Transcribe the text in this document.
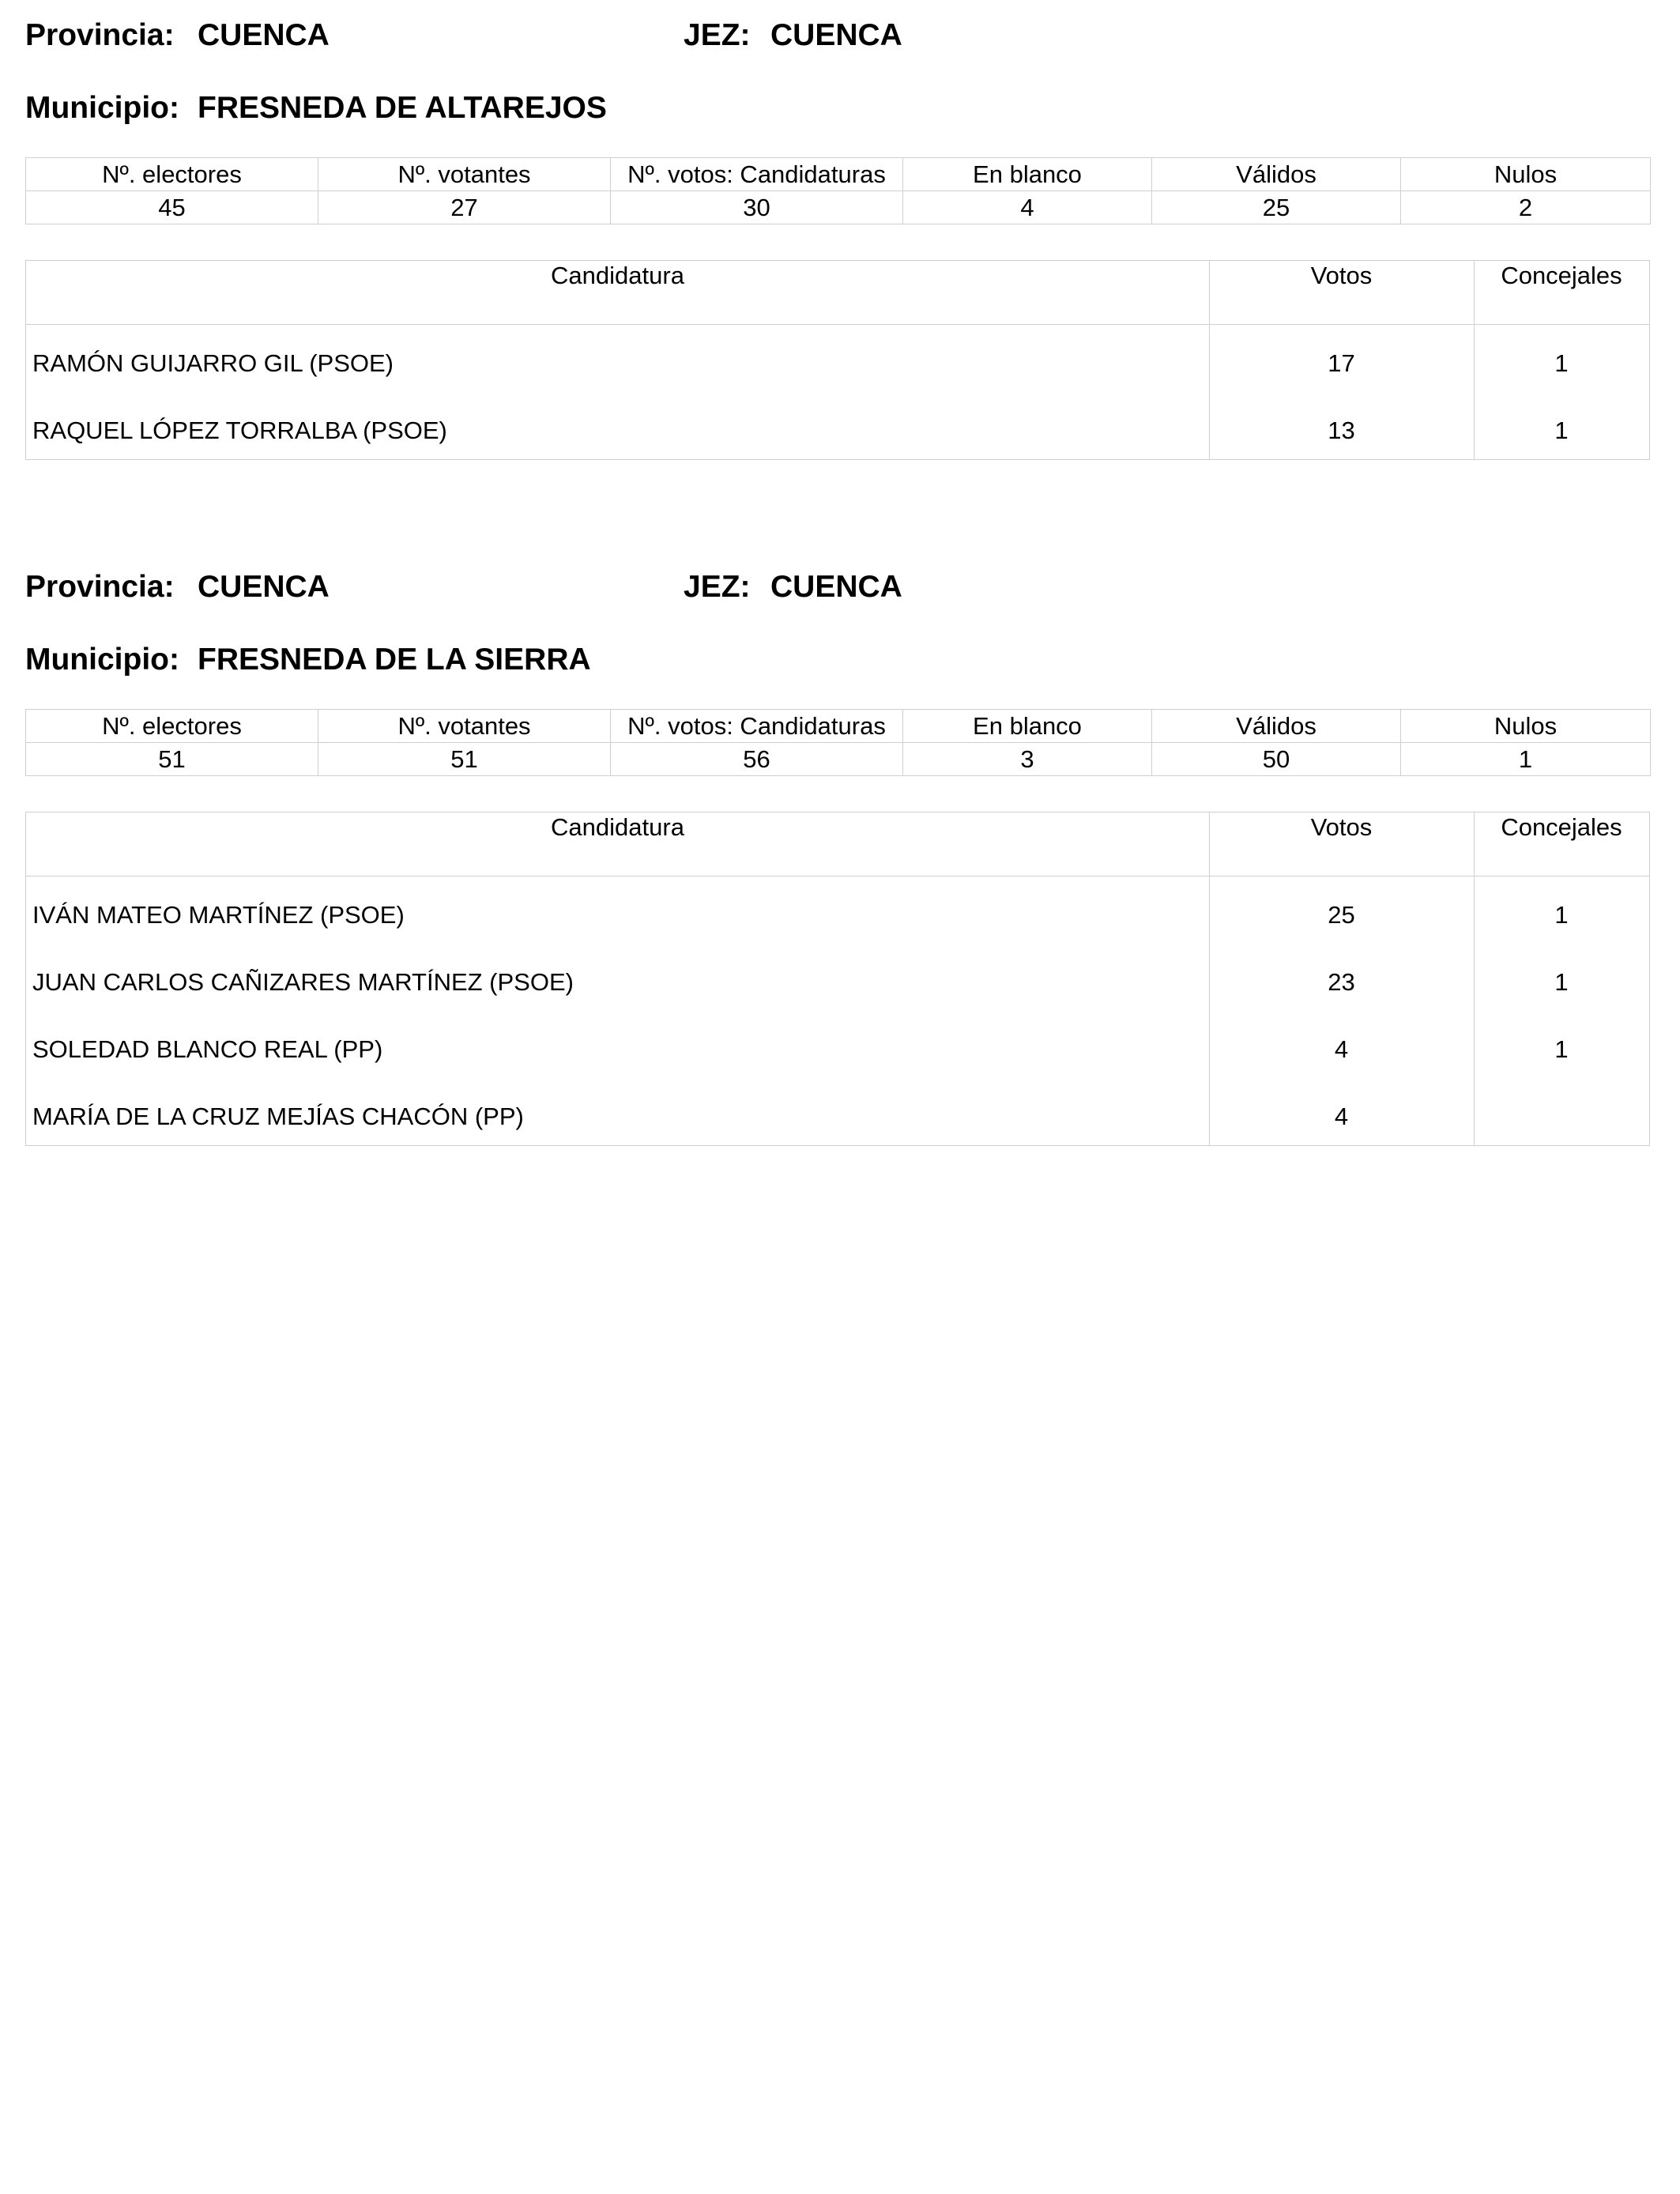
Provincia: CUENCA	JEZ: CUENCA
Municipio: FRESNEDA DE ALTAREJOS
Nº. electores	Nº. votantes	Nº. votos: Candidaturas	En blanco	Válidos	Nulos
45	27	30	4	25	2
Candidatura	Votos	Concejales
RAMÓN GUIJARRO GIL (PSOE)	17	1
RAQUEL LÓPEZ TORRALBA (PSOE)	13	1
Provincia: CUENCA	JEZ: CUENCA
Municipio: FRESNEDA DE LA SIERRA
Nº. electores	Nº. votantes	Nº. votos: Candidaturas	En blanco	Válidos	Nulos
51	51	56	3	50	1
Candidatura	Votos	Concejales
IVÁN MATEO MARTÍNEZ (PSOE)	25	1
JUAN CARLOS CAÑIZARES MARTÍNEZ (PSOE)	23	1
SOLEDAD BLANCO REAL (PP)	4	1
MARÍA DE LA CRUZ MEJÍAS CHACÓN (PP)	4
